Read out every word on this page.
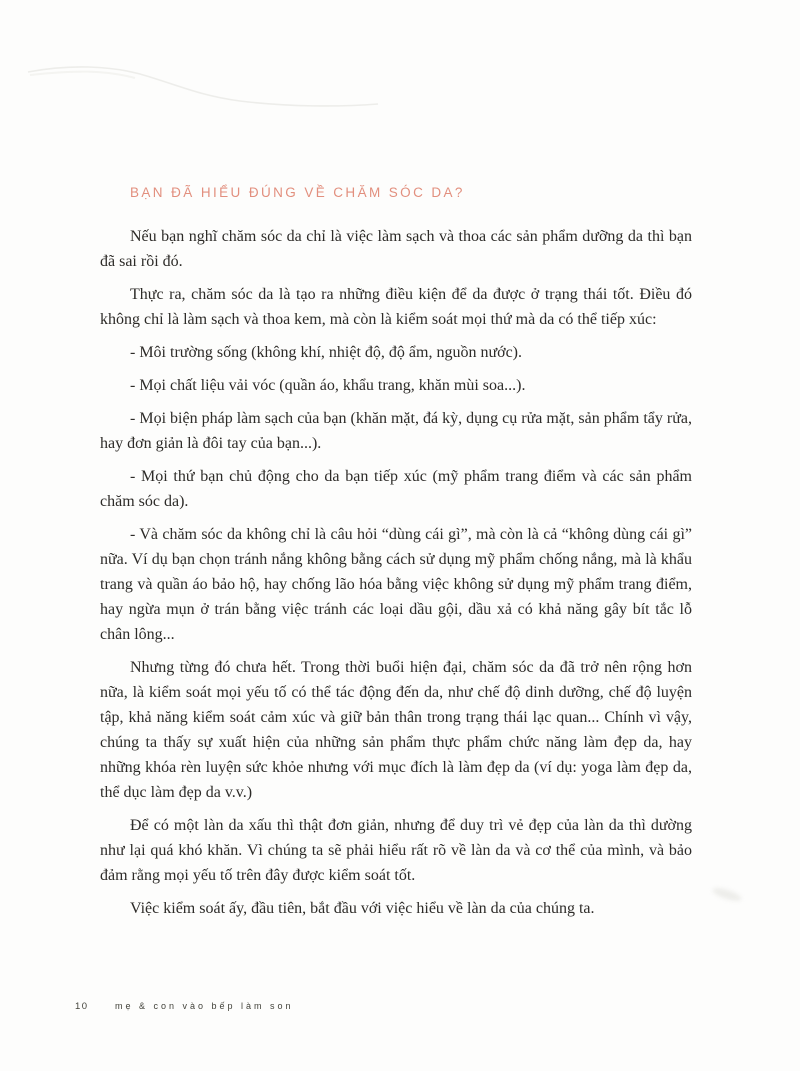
BẠN ĐÃ HIỂU ĐÚNG VỀ CHĂM SÓC DA?

Nếu bạn nghĩ chăm sóc da chỉ là việc làm sạch và thoa các sản phẩm dưỡng da thì bạn đã sai rồi đó.

Thực ra, chăm sóc da là tạo ra những điều kiện để da được ở trạng thái tốt. Điều đó không chỉ là làm sạch và thoa kem, mà còn là kiểm soát mọi thứ mà da có thể tiếp xúc:

- Môi trường sống (không khí, nhiệt độ, độ ẩm, nguồn nước).

- Mọi chất liệu vải vóc (quần áo, khẩu trang, khăn mùi soa...).

- Mọi biện pháp làm sạch của bạn (khăn mặt, đá kỳ, dụng cụ rửa mặt, sản phẩm tẩy rửa, hay đơn giản là đôi tay của bạn...).

- Mọi thứ bạn chủ động cho da bạn tiếp xúc (mỹ phẩm trang điểm và các sản phẩm chăm sóc da).

- Và chăm sóc da không chỉ là câu hỏi “dùng cái gì”, mà còn là cả “không dùng cái gì” nữa. Ví dụ bạn chọn tránh nắng không bằng cách sử dụng mỹ phẩm chống nắng, mà là khẩu trang và quần áo bảo hộ, hay chống lão hóa bằng việc không sử dụng mỹ phẩm trang điểm, hay ngừa mụn ở trán bằng việc tránh các loại dầu gội, dầu xả có khả năng gây bít tắc lỗ chân lông...

Nhưng từng đó chưa hết. Trong thời buổi hiện đại, chăm sóc da đã trở nên rộng hơn nữa, là kiểm soát mọi yếu tố có thể tác động đến da, như chế độ dinh dưỡng, chế độ luyện tập, khả năng kiểm soát cảm xúc và giữ bản thân trong trạng thái lạc quan... Chính vì vậy, chúng ta thấy sự xuất hiện của những sản phẩm thực phẩm chức năng làm đẹp da, hay những khóa rèn luyện sức khỏe nhưng với mục đích là làm đẹp da (ví dụ: yoga làm đẹp da, thể dục làm đẹp da v.v.)

Để có một làn da xấu thì thật đơn giản, nhưng để duy trì vẻ đẹp của làn da thì dường như lại quá khó khăn. Vì chúng ta sẽ phải hiểu rất rõ về làn da và cơ thể của mình, và bảo đảm rằng mọi yếu tố trên đây được kiểm soát tốt.

Việc kiểm soát ấy, đầu tiên, bắt đầu với việc hiểu về làn da của chúng ta.

10	mẹ & con vào bếp làm son
